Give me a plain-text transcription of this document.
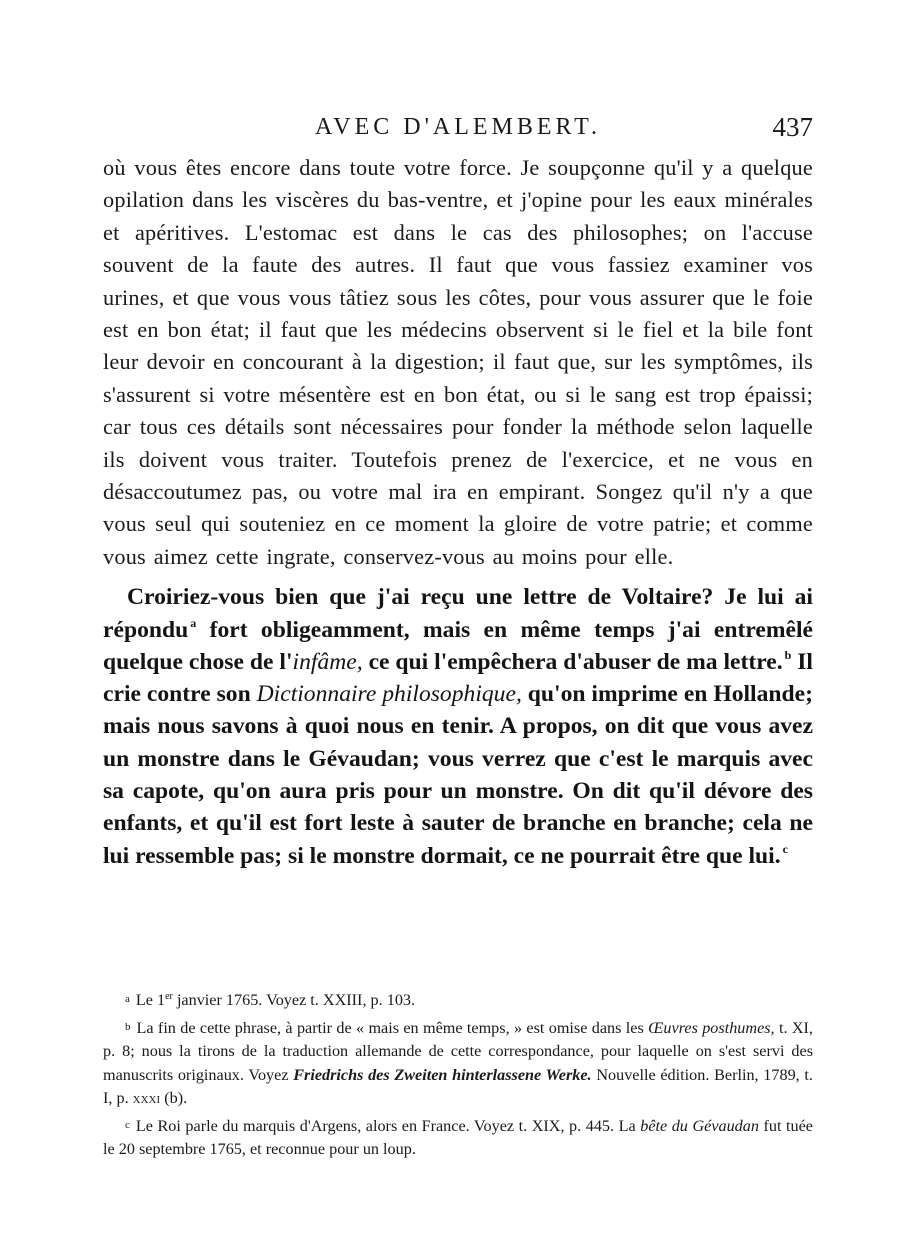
AVEC D'ALEMBERT.	437

où vous êtes encore dans toute votre force. Je soupçonne qu'il y a quelque opilation dans les viscères du bas-ventre, et j'opine pour les eaux minérales et apéritives. L'estomac est dans le cas des philosophes; on l'accuse souvent de la faute des autres. Il faut que vous fassiez examiner vos urines, et que vous vous tâtiez sous les côtes, pour vous assurer que le foie est en bon état; il faut que les médecins observent si le fiel et la bile font leur devoir en concourant à la digestion; il faut que, sur les symptômes, ils s'assurent si votre mésentère est en bon état, ou si le sang est trop épaissi; car tous ces détails sont nécessaires pour fonder la méthode selon laquelle ils doivent vous traiter. Toutefois prenez de l'exercice, et ne vous en désaccoutumez pas, ou votre mal ira en empirant. Songez qu'il n'y a que vous seul qui souteniez en ce moment la gloire de votre patrie; et comme vous aimez cette ingrate, conservez-vous au moins pour elle.

Croiriez-vous bien que j'ai reçu une lettre de Voltaire? Je lui ai répondu $^a$ fort obligeamment, mais en même temps j'ai entremêlé quelque chose de l'infâme, ce qui l'empêchera d'abuser de ma lettre. $^b$ Il crie contre son Dictionnaire philosophique, qu'on imprime en Hollande; mais nous savons à quoi nous en tenir. A propos, on dit que vous avez un monstre dans le Gévaudan; vous verrez que c'est le marquis avec sa capote, qu'on aura pris pour un monstre. On dit qu'il dévore des enfants, et qu'il est fort leste à sauter de branche en branche; cela ne lui ressemble pas; si le monstre dormait, ce ne pourrait être que lui. $^c$

a Le 1er janvier 1765. Voyez t. XXIII, p. 103.

b La fin de cette phrase, à partir de « mais en même temps, » est omise dans les Œuvres posthumes, t. XI, p. 8; nous la tirons de la traduction allemande de cette correspondance, pour laquelle on s'est servi des manuscrits originaux. Voyez Friedrichs des Zweiten hinterlassene Werke. Nouvelle édition. Berlin, 1789, t. I, p. xxxi (b).

c Le Roi parle du marquis d'Argens, alors en France. Voyez t. XIX, p. 445. La bête du Gévaudan fut tuée le 20 septembre 1765, et reconnue pour un loup.
